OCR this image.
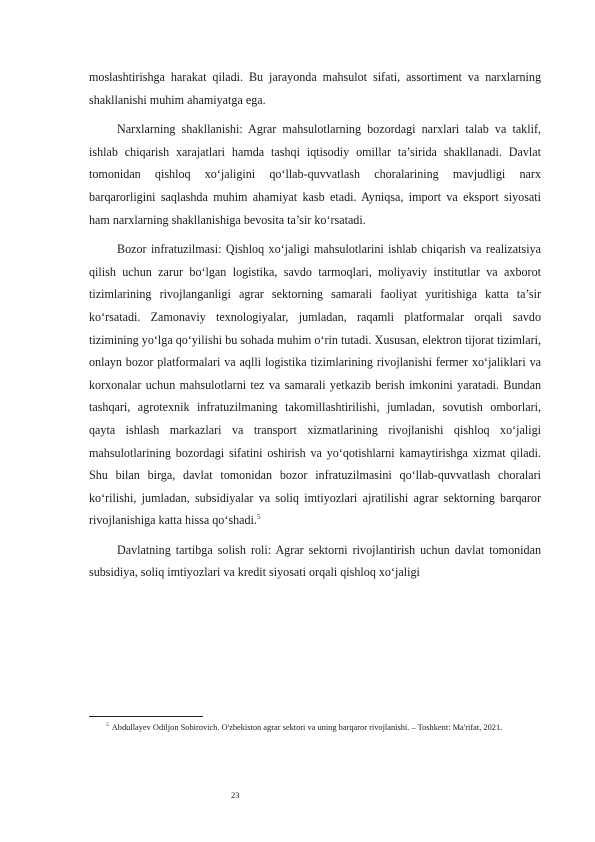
moslashtirishga harakat qiladi. Bu jarayonda mahsulot sifati, assortiment va narxlarning shakllanishi muhim ahamiyatga ega.

Narxlarning shakllanishi: Agrar mahsulotlarning bozordagi narxlari talab va taklif, ishlab chiqarish xarajatlari hamda tashqi iqtisodiy omillar ta’sirida shakllanadi. Davlat tomonidan qishloq xo‘jaligini qo‘llab-quvvatlash choralarining mavjudligi narx barqarorligini saqlashda muhim ahamiyat kasb etadi. Ayniqsa, import va eksport siyosati ham narxlarning shakllanishiga bevosita ta’sir ko‘rsatadi.

Bozor infratuzilmasi: Qishloq xo‘jaligi mahsulotlarini ishlab chiqarish va realizatsiya qilish uchun zarur bo‘lgan logistika, savdo tarmoqlari, moliyaviy institutlar va axborot tizimlarining rivojlanganligi agrar sektorning samarali faoliyat yuritishiga katta ta’sir ko‘rsatadi. Zamonaviy texnologiyalar, jumladan, raqamli platformalar orqali savdo tizimining yo‘lga qo‘yilishi bu sohada muhim o‘rin tutadi. Xususan, elektron tijorat tizimlari, onlayn bozor platformalari va aqlli logistika tizimlarining rivojlanishi fermer xo‘jaliklari va korxonalar uchun mahsulotlarni tez va samarali yetkazib berish imkonini yaratadi. Bundan tashqari, agrotexnik infratuzilmaning takomillashtirilishi, jumladan, sovutish omborlari, qayta ishlash markazlari va transport xizmatlarining rivojlanishi qishloq xo‘jaligi mahsulotlarining bozordagi sifatini oshirish va yo‘qotishlarni kamaytirishga xizmat qiladi. Shu bilan birga, davlat tomonidan bozor infratuzilmasini qo‘llab-quvvatlash choralari ko‘rilishi, jumladan, subsidiyalar va soliq imtiyozlari ajratilishi agrar sektorning barqaror rivojlanishiga katta hissa qo‘shadi.$^5$

Davlatning tartibga solish roli: Agrar sektorni rivojlantirish uchun davlat tomonidan subsidiya, soliq imtiyozlari va kredit siyosati orqali qishloq xo‘jaligi

$^5$ Abdullayev Odiljon Sobirovich. O'zbekiston agrar sektori va uning barqaror rivojlanishi. – Toshkent: Ma'rifat, 2021.

23
